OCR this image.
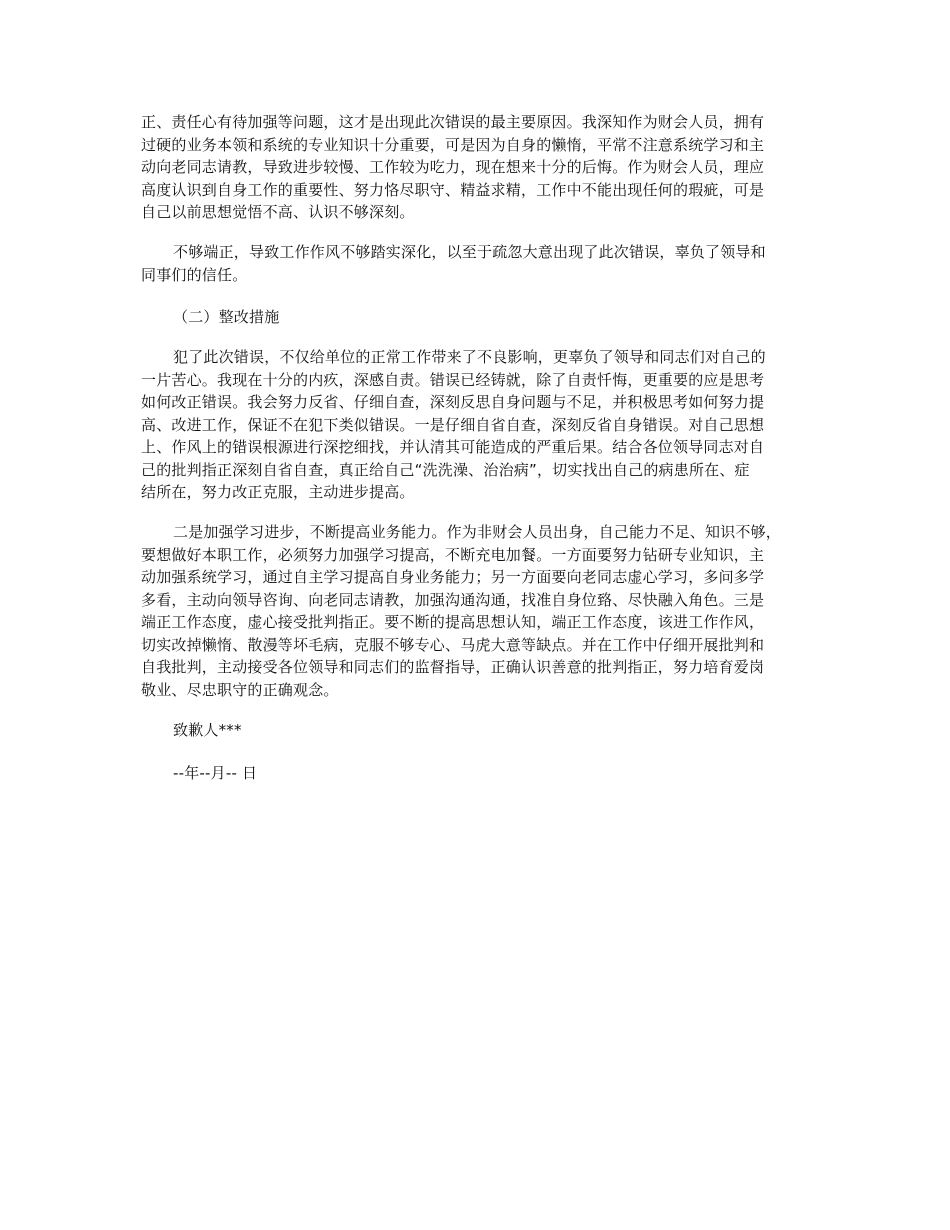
正、责任心有待加强等问题，这才是出现此次错误的最主要原因。我深知作为财会人员，拥有
过硬的业务本领和系统的专业知识十分重要，可是因为自身的懒惰，平常不注意系统学习和主
动向老同志请教，导致进步较慢、工作较为吃力，现在想来十分的后悔。作为财会人员，理应
高度认识到自身工作的重要性、努力恪尽职守、精益求精，工作中不能出现任何的瑕疵，可是
自己以前思想觉悟不高、认识不够深刻。

不够端正，导致工作作风不够踏实深化，以至于疏忽大意出现了此次错误，辜负了领导和
同事们的信任。

（二）整改措施

犯了此次错误，不仅给单位的正常工作带来了不良影响，更辜负了领导和同志们对自己的
一片苦心。我现在十分的内疚，深感自责。错误已经铸就，除了自责忏悔，更重要的应是思考
如何改正错误。我会努力反省、仔细自查，深刻反思自身问题与不足，并积极思考如何努力提
高、改进工作，保证不在犯下类似错误。一是仔细自省自查，深刻反省自身错误。对自己思想
上、作风上的错误根源进行深挖细找，并认清其可能造成的严重后果。结合各位领导同志对自
己的批判指正深刻自省自查，真正给自己“洗洗澡、治治病”，切实找出自己的病患所在、症
结所在，努力改正克服，主动进步提高。

二是加强学习进步，不断提高业务能力。作为非财会人员出身，自己能力不足、知识不够，
要想做好本职工作，必须努力加强学习提高，不断充电加餐。一方面要努力钻研专业知识，主
动加强系统学习，通过自主学习提高自身业务能力；另一方面要向老同志虚心学习，多问多学
多看，主动向领导咨询、向老同志请教，加强沟通沟通，找准自身位臵、尽快融入角色。三是
端正工作态度，虚心接受批判指正。要不断的提高思想认知，端正工作态度，该进工作作风，
切实改掉懒惰、散漫等坏毛病，克服不够专心、马虎大意等缺点。并在工作中仔细开展批判和
自我批判，主动接受各位领导和同志们的监督指导，正确认识善意的批判指正，努力培育爱岗
敬业、尽忠职守的正确观念。

致歉人***

--年--月-- 日
